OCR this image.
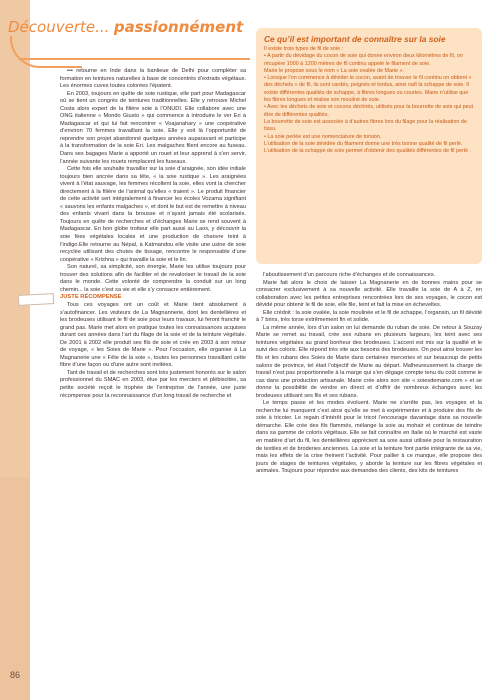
Découverte... passionnément
Ce qu’il est important de connaître sur la soie

Il existe trois types de fil de soie :

• A partir du dévidage du cocon de soie qui donne environ deux kilomètres de fil, on récupère 1000 à 1200 mètres de fil continu appelé le filament de soie.

Marie le propose sous le nom « La soie ovalée de Marie ».

• Lorsque l’on commence à dévider le cocon, avant de trouver le fil continu on obtient « des déchets » de fil, ils sont cardés, peignés et tordus, ainsi naît la schappe de soie. Il existe différentes qualités de schappe, à fibres longues ou courtes. Marie n’utilise que les fibres longues et réalise son mouliné de soie.

• Avec les déchets de soie et cocons déchirés, utilisés pour la bourrette de soie qui peut être de différentes qualités.

La bourrette de soie est associée à d’autres fibres lors du filage pour la réalisation de tissu.

• La soie perlée est une nomenclature de torsion.

L’utilisation de la soie dévidée du filament donne une très bonne qualité de fil perlé.

L’utilisation de la schappe de soie permet d’obtenir des qualités différentes de fil perlé .

••• retourne en Inde dans la banlieue de Delhi pour compléter sa formation en teintures naturelles à base de concentrés d’extraits végétaux. Les énormes cuves toutes colorées l’épatent.

En 2003, toujours en quête de soie rustique, elle part pour Madagascar où se tient un congrès de teintures traditionnelles. Elle y retrouve Michel Costa alors expert de la filière soie à l’ONUDI. Elle collabore avec une ONG italienne « Mondo Giusto » qui commence à introduire le ver Eri à Madagascar et qui lui fait rencontrer « Voajanahary » une coopérative d’environ 70 femmes travaillant la soie. Elle y voit là l’opportunité de reprendre son projet abandonné quelques années auparavant et participe à la transformation de la soie Eri. Les malgaches filent encore au fuseau. Dans ses bagages Marie a apporté un rouet et leur apprend à s’en servir, l’année suivante les rouets remplacent les fuseaux.

Cette fois elle souhaite travailler sur la soie d’araignée, son idée initiale toujours bien ancrée dans sa tête, « la soie rustique ». Les araignées vivent à l’état sauvage, les femmes récoltent la soie, elles vont la chercher directement à la filière de l’animal qu’elles « traient ». Le produit financier de cette activité sert intégralement à financer les écoles Vozama signifiant « sauvons les enfants malgaches », et dont le but est de remettre à niveau des enfants vivant dans la brousse et n’ayant jamais été scolarisés. Toujours en quête de recherches et d’échanges Marie se rend souvent à Madagascar. En bon globe trotteur elle part aussi au Laos, y découvrir la soie fées végétales locales et une production de chanvre teint à l’indigo.Elle retourne au Népal, à Katmandou elle visite une usine de soie recyclée utilisant des chutes de tissage, rencontre le responsable d’une coopérative « Krishna » qui travaille la soie et le lin.

Son naturel, sa simplicité, son énergie, Marie les utilise toujours pour trouver des solutions afin de faciliter et de revaloriser le travail de la soie dans le monde. Cette volonté de comprendre la conduit sur un long chemin... la soie c’est sa vie et elle s’y consacre entièrement.

JUSTE RÉCOMPENSE

Tous ces voyages ont un coût et Marie tient absolument à s’autofinancer. Les visiteurs de La Magnannerie, dont les dentellières et les brodeuses utilisant le fil de soie pour leurs travaux, lui feront franchir le grand pas. Marie met alors en pratique toutes les connaissances acquises durant ces années dans l’art du filage de la soie et de la teinture végétale. De 2001 à 2002 elle produit ses fils de soie et crée en 2003 à son retour de voyage, « les Soies de Marie ». Pour l’occasion, elle organise à La Magnanerie une « Fête de la soie », toutes les personnes travaillant cette fibre d’une façon ou d’une autre sont invitées.

Tant de travail et de recherches sont très justement honorés sur le salon professionnel du SMAC en 2003, élue par les merciers et plébiscitée, sa petite société reçoit le trophée de l’entreprise de l’année, une juste récompense pour la reconnaissance d’un long travail de recherche et

l’aboutissement d’un parcours riche d’échanges et de connaissances.

Marie fait alors le choix de laisser La Magnanerie en de bonnes mains pour se consacrer exclusivement à sa nouvelle activité. Elle travaille la soie de A à Z, en collaboration avec les petites entreprises rencontrées lors de ses voyages, le cocon est dévidé pour obtenir le fil de soie, elle file, teint et fait la mise en écheveltes.

Elle crédoit : la soie ovalée, la soie moulinée et le fil de schappe, l’organsin, un fil dévidé à 7 brins, très torse extrêmement fin et solide.

La même année, lors d’un salon on lui demande du ruban de soie. De retour à Souzay Marie se remet au travail, crée ses rubans en plusieurs largeurs, les teint avec ses teintures végétales au grand bonheur des brodeuses. L’accent est mis sur la qualité et le suivi des coloris. Elle répond très vite aux besoins des brodeuses. On peut ainsi trouver les fils et les rubans des Soies de Marie dans certaines merceries et sur beaucoup de petits salons de province, tel était l’objectif de Marie au départ. Malheureusement la charge de travail n’est pas proportionnelle à la marge qui s’en dégage compte tenu du coût comme le cas dans une production artisanale. Marie crée alors son site « soiesdemarie.com » et se donne la possibilité de vendre en direct et d’offrir de nombreux échanges avec les brodeuses utilisant ses fils et ses rubans.

Le temps passe et les modes évoluent. Marie ne s’arrête pas, les voyages et la recherche lui manquent c’est ainsi qu’elle se met à expérimenter et à produire des fils de soie à tricoter. Le regain d’intérêt pour le tricot l’encourage davantage dans sa nouvelle démarche. Elle crée des fils flammés, mélange la soie au mohair et continue de teindre dans sa gamme de coloris végétaux. Elle se fait connaître en Italie où le marché est vaste en matière d’art du fil, les dentellières apprécient sa soie aussi utilisée pour la restauration de textiles et de broderies anciennes. La soie et la teinture font partie intégrante de sa vie, mais les effets de la crise freinent l’activité. Pour pallier à ce manque, elle propose des jours de stages de teintures végétales, y aborde la teinture sur les fibres végétales et animales. Toujours pour répondre aux demandes des clients, des kits de teintures

86
